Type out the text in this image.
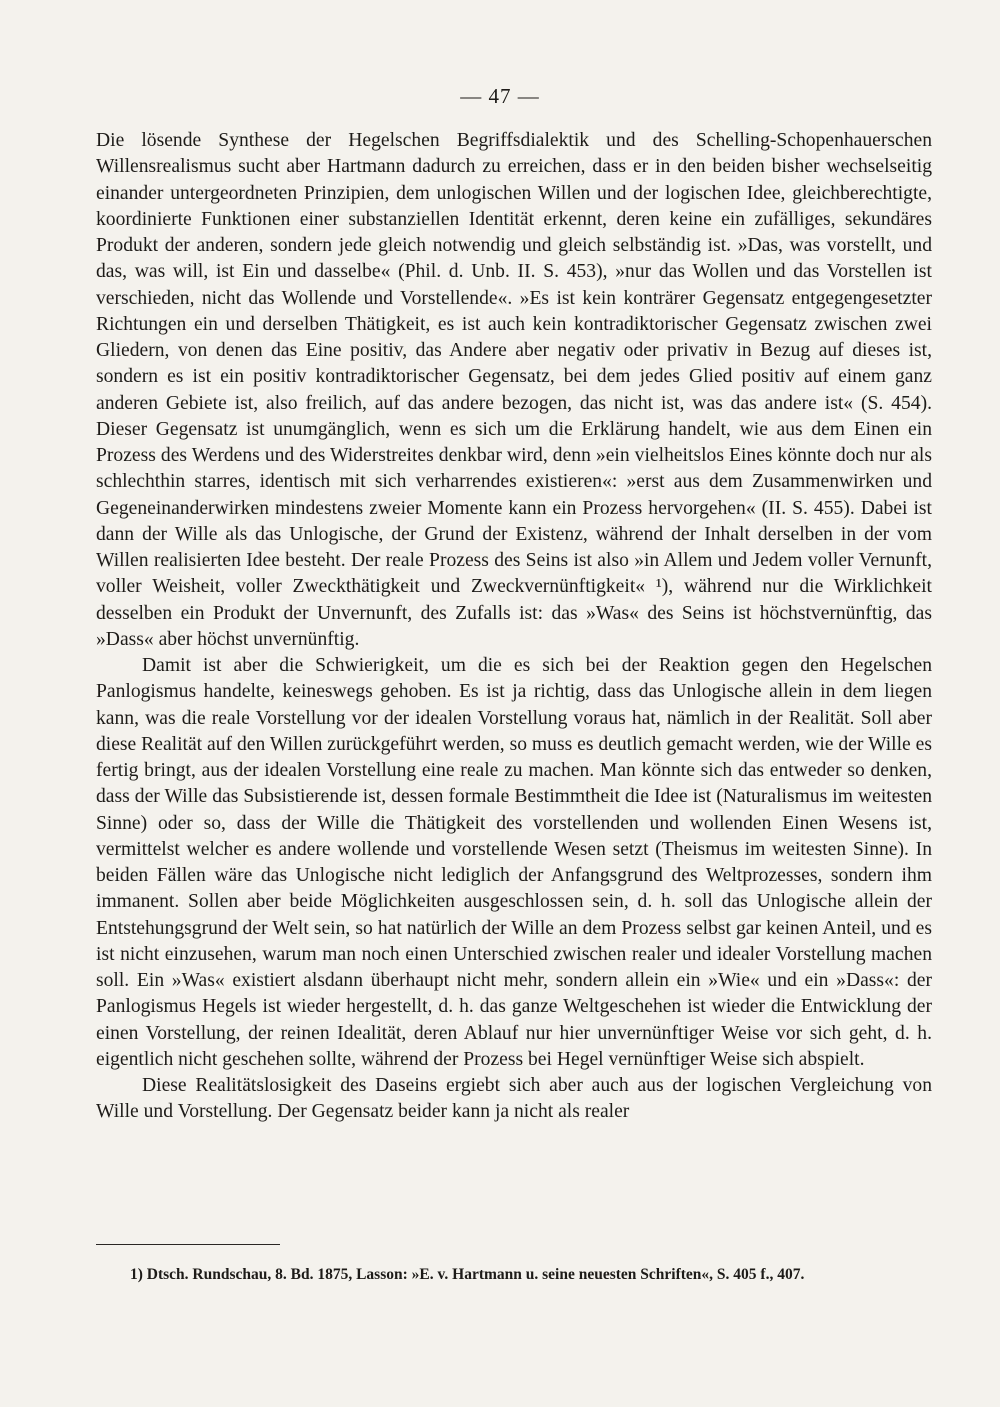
— 47 —

Die lösende Synthese der Hegelschen Begriffsdialektik und des Schelling-Schopenhauerschen Willensrealismus sucht aber Hartmann dadurch zu erreichen, dass er in den beiden bisher wechselseitig einander untergeordneten Prinzipien, dem unlogischen Willen und der logischen Idee, gleichberechtigte, koordinierte Funktionen einer substanziellen Identität erkennt, deren keine ein zufälliges, sekundäres Produkt der anderen, sondern jede gleich notwendig und gleich selbständig ist. »Das, was vorstellt, und das, was will, ist Ein und dasselbe« (Phil. d. Unb. II. S. 453), »nur das Wollen und das Vorstellen ist verschieden, nicht das Wollende und Vorstellende«. »Es ist kein konträrer Gegensatz entgegengesetzter Richtungen ein und derselben Thätigkeit, es ist auch kein kontradiktorischer Gegensatz zwischen zwei Gliedern, von denen das Eine positiv, das Andere aber negativ oder privativ in Bezug auf dieses ist, sondern es ist ein positiv kontradiktorischer Gegensatz, bei dem jedes Glied positiv auf einem ganz anderen Gebiete ist, also freilich, auf das andere bezogen, das nicht ist, was das andere ist« (S. 454). Dieser Gegensatz ist unumgänglich, wenn es sich um die Erklärung handelt, wie aus dem Einen ein Prozess des Werdens und des Widerstreites denkbar wird, denn »ein vielheitslos Eines könnte doch nur als schlechthin starres, identisch mit sich verharrendes existieren«: »erst aus dem Zusammenwirken und Gegeneinanderwirken mindestens zweier Momente kann ein Prozess hervorgehen« (II. S. 455). Dabei ist dann der Wille als das Unlogische, der Grund der Existenz, während der Inhalt derselben in der vom Willen realisierten Idee besteht. Der reale Prozess des Seins ist also »in Allem und Jedem voller Vernunft, voller Weisheit, voller Zweckthätigkeit und Zweckvernünftigkeit« ¹), während nur die Wirklichkeit desselben ein Produkt der Unvernunft, des Zufalls ist: das »Was« des Seins ist höchstvernünftig, das »Dass« aber höchst unvernünftig.

Damit ist aber die Schwierigkeit, um die es sich bei der Reaktion gegen den Hegelschen Panlogismus handelte, keineswegs gehoben. Es ist ja richtig, dass das Unlogische allein in dem liegen kann, was die reale Vorstellung vor der idealen Vorstellung voraus hat, nämlich in der Realität. Soll aber diese Realität auf den Willen zurückgeführt werden, so muss es deutlich gemacht werden, wie der Wille es fertig bringt, aus der idealen Vorstellung eine reale zu machen. Man könnte sich das entweder so denken, dass der Wille das Subsistierende ist, dessen formale Bestimmtheit die Idee ist (Naturalismus im weitesten Sinne) oder so, dass der Wille die Thätigkeit des vorstellenden und wollenden Einen Wesens ist, vermittelst welcher es andere wollende und vorstellende Wesen setzt (Theismus im weitesten Sinne). In beiden Fällen wäre das Unlogische nicht lediglich der Anfangsgrund des Weltprozesses, sondern ihm immanent. Sollen aber beide Möglichkeiten ausgeschlossen sein, d. h. soll das Unlogische allein der Entstehungsgrund der Welt sein, so hat natürlich der Wille an dem Prozess selbst gar keinen Anteil, und es ist nicht einzusehen, warum man noch einen Unterschied zwischen realer und idealer Vorstellung machen soll. Ein »Was« existiert alsdann überhaupt nicht mehr, sondern allein ein »Wie« und ein »Dass«: der Panlogismus Hegels ist wieder hergestellt, d. h. das ganze Weltgeschehen ist wieder die Entwicklung der einen Vorstellung, der reinen Idealität, deren Ablauf nur hier unvernünftiger Weise vor sich geht, d. h. eigentlich nicht geschehen sollte, während der Prozess bei Hegel vernünftiger Weise sich abspielt.

Diese Realitätslosigkeit des Daseins ergiebt sich aber auch aus der logischen Vergleichung von Wille und Vorstellung. Der Gegensatz beider kann ja nicht als realer

1) Dtsch. Rundschau, 8. Bd. 1875, Lasson: »E. v. Hartmann u. seine neuesten Schriften«, S. 405 f., 407.
